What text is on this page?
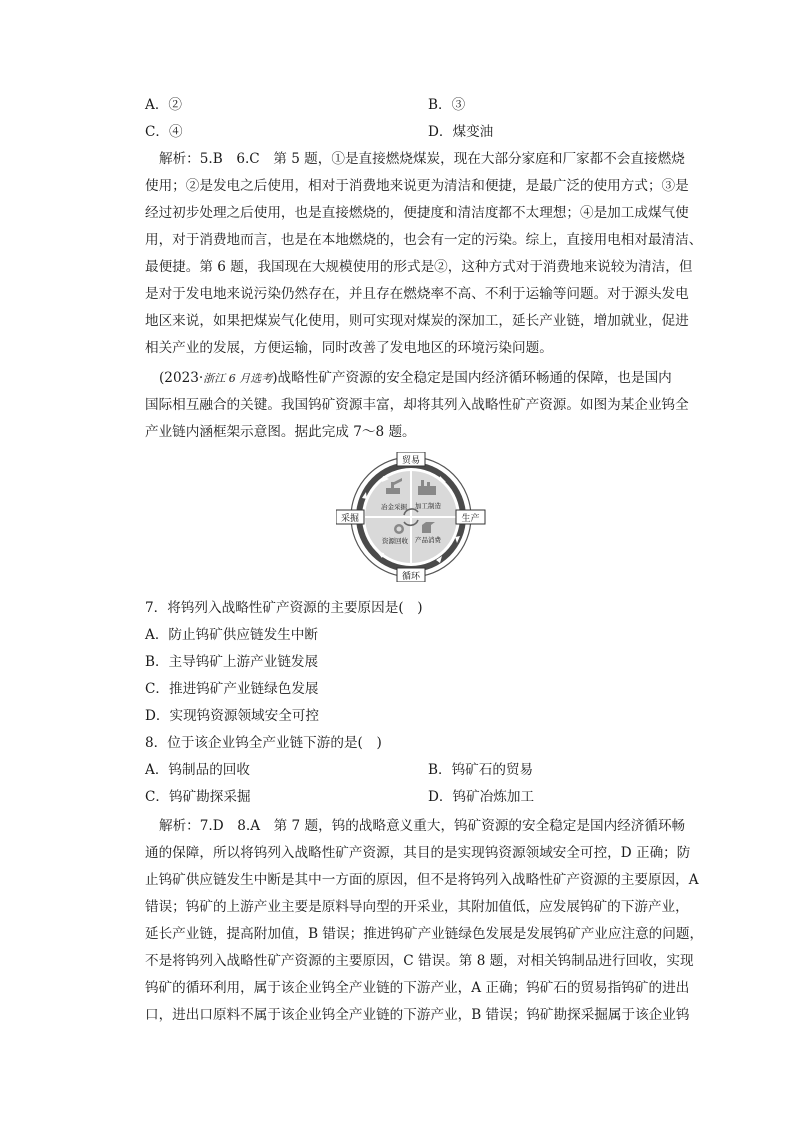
A．②	B．③
C．④	D．煤变油
解析：5.B　6.C　第 5 题，①是直接燃烧煤炭，现在大部分家庭和厂家都不会直接燃烧
使用；②是发电之后使用，相对于消费地来说更为清洁和便捷，是最广泛的使用方式；③是
经过初步处理之后使用，也是直接燃烧的，便捷度和清洁度都不太理想；④是加工成煤气使
用，对于消费地而言，也是在本地燃烧的，也会有一定的污染。综上，直接用电相对最清洁、
最便捷。第 6 题，我国现在大规模使用的形式是②，这种方式对于消费地来说较为清洁，但
是对于发电地来说污染仍然存在，并且存在燃烧率不高、不利于运输等问题。对于源头发电
地区来说，如果把煤炭气化使用，则可实现对煤炭的深加工，延长产业链，增加就业，促进
相关产业的发展，方便运输，同时改善了发电地区的环境污染问题。
(2023·浙江 6 月选考)战略性矿产资源的安全稳定是国内经济循环畅通的保障，也是国内
国际相互融合的关键。我国钨矿资源丰富，却将其列入战略性矿产资源。如图为某企业钨全
产业链内涵框架示意图。据此完成 7～8 题。
冶金采掘 加工制造
资源回收 产品消费
贸易
采掘	生产
循环
7．将钨列入战略性矿产资源的主要原因是(　)
A．防止钨矿供应链发生中断
B．主导钨矿上游产业链发展
C．推进钨矿产业链绿色发展
D．实现钨资源领域安全可控
8．位于该企业钨全产业链下游的是(　)
A．钨制品的回收	B．钨矿石的贸易
C．钨矿勘探采掘	D．钨矿冶炼加工
解析：7.D　8.A　第 7 题，钨的战略意义重大，钨矿资源的安全稳定是国内经济循环畅
通的保障，所以将钨列入战略性矿产资源，其目的是实现钨资源领域安全可控，D 正确；防
止钨矿供应链发生中断是其中一方面的原因，但不是将钨列入战略性矿产资源的主要原因，A
错误；钨矿的上游产业主要是原料导向型的开采业，其附加值低，应发展钨矿的下游产业，
延长产业链，提高附加值，B 错误；推进钨矿产业链绿色发展是发展钨矿产业应注意的问题，
不是将钨列入战略性矿产资源的主要原因，C 错误。第 8 题，对相关钨制品进行回收，实现
钨矿的循环利用，属于该企业钨全产业链的下游产业，A 正确；钨矿石的贸易指钨矿的进出
口，进出口原料不属于该企业钨全产业链的下游产业，B 错误；钨矿勘探采掘属于该企业钨
